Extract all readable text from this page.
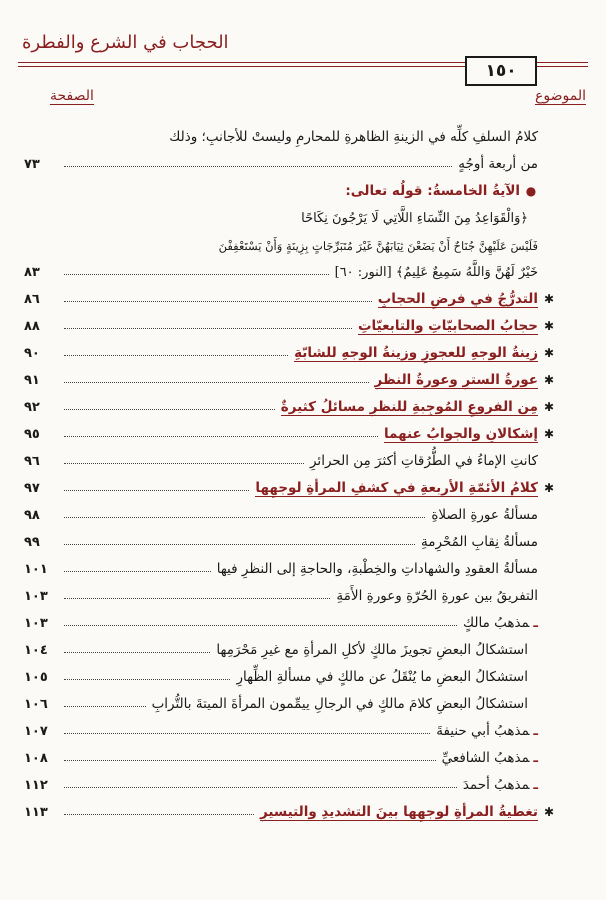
الحجاب في الشرع والفطرة
١٥٠
الموضوع
الصفحة
كلامُ السلفِ كلِّه في الزينةِ الظاهرةِ للمحارمِ وليستْ للأجانبِ؛ وذلك
من أربعة أوجُهٍ
٧٣
●الآيةُ الخامسةُ: قولُه تعالى:
﴿وَالْقَوَاعِدُ مِنَ النِّسَاءِ اللَّاتِي لَا يَرْجُونَ نِكَاحًا
فَلَيْسَ عَلَيْهِنَّ جُنَاحٌ أَنْ يَضَعْنَ ثِيَابَهُنَّ غَيْرَ مُتَبَرِّجَاتٍ بِزِينَةٍ وَأَنْ يَسْتَعْفِفْنَ
خَيْرٌ لَهُنَّ وَاللَّهُ سَمِيعٌ عَلِيمٌ﴾ [النور: ٦٠]
٨٣
✱التدرُّجُ في فرضِ الحجابِ
٨٦
✱حجابُ الصحابيّاتِ والتابعيّاتِ
٨٨
✱زينةُ الوجهِ للعجوزِ وزينةُ الوجهِ للشابّةِ
٩٠
✱عورةُ السترِ وعورةُ النظرِ
٩١
✱مِن الفروعِ المُوجِبةِ للنظرِ مسائلُ كثيرةٌ
٩٢
✱إشكالانِ والجوابُ عنهما
٩٥
كانتِ الإماءُ في الطُّرُقاتِ أكثرَ مِن الحرائرِ
٩٦
✱كلامُ الأئمّةِ الأربعةِ في كشفِ المرأةِ لوجهِها
٩٧
مسألةُ عورةِ الصلاةِ
٩٨
مسألةُ نِقابِ المُحْرِمةِ
٩٩
مسألةُ العقودِ والشهاداتِ والخِطْبةِ، والحاجةِ إلى النظرِ فيها
١٠١
التفريقُ بين عورةِ الحُرّةِ وعورةِ الأَمَةِ
١٠٣
ـمذهبُ مالكٍ
١٠٣
استشكالُ البعضِ تجويزَ مالكٍ لأكلِ المرأةِ مع غيرِ مَحْرَمِها
١٠٤
استشكالُ البعضِ ما يُنْقَلُ عن مالكٍ في مسألةِ الظِّهارِ
١٠٥
استشكالُ البعضِ كلامَ مالكٍ في الرجالِ ييمِّمون المرأةَ الميتةَ بالتُّرابِ
١٠٦
ـمذهبُ أبي حنيفةَ
١٠٧
ـمذهبُ الشافعيِّ
١٠٨
ـمذهبُ أحمدَ
١١٢
✱تغطيةُ المرأةِ لوجهِها بينَ التشديدِ والتيسيرِ
١١٣
